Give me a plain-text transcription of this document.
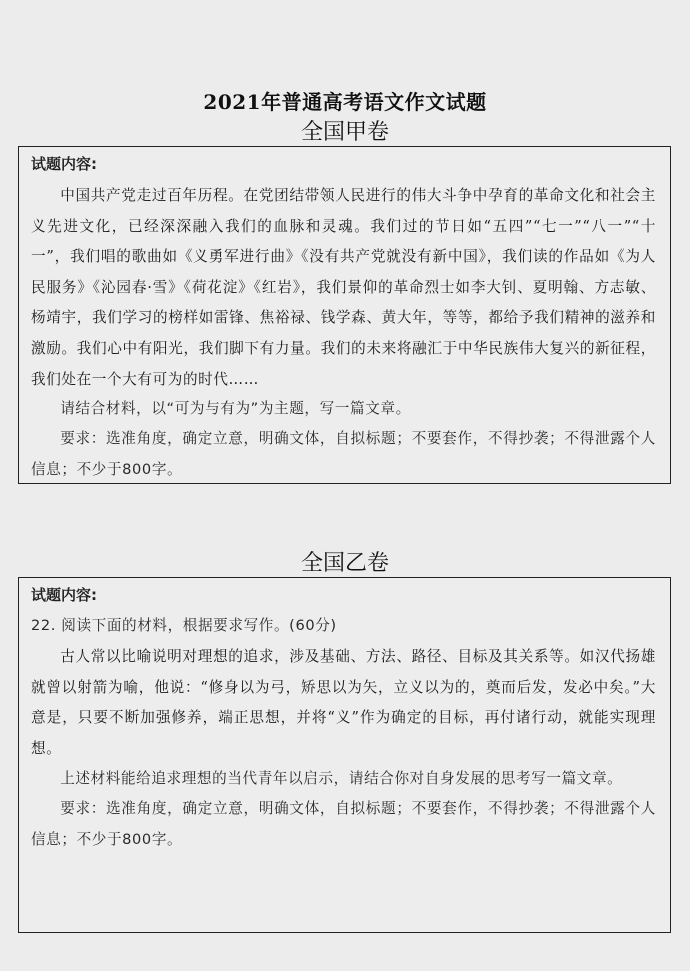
2021年普通高考语文作文试题
全国甲卷
试题内容:

中国共产党走过百年历程。在党团结带领人民进行的伟大斗争中孕育的革命文化和社会主义先进文化，已经深深融入我们的血脉和灵魂。我们过的节日如“五四”“七一”“八一”“十一”，我们唱的歌曲如《义勇军进行曲》《没有共产党就没有新中国》，我们读的作品如《为人民服务》《沁园春·雪》《荷花淀》《红岩》，我们景仰的革命烈士如李大钊、夏明翰、方志敏、杨靖宇，我们学习的榜样如雷锋、焦裕禄、钱学森、黄大年，等等，都给予我们精神的滋养和激励。我们心中有阳光，我们脚下有力量。我们的未来将融汇于中华民族伟大复兴的新征程，我们处在一个大有可为的时代……

请结合材料，以“可为与有为”为主题，写一篇文章。

要求：选准角度，确定立意，明确文体，自拟标题；不要套作，不得抄袭；不得泄露个人信息；不少于800字。

全国乙卷
试题内容:

22. 阅读下面的材料，根据要求写作。(60分)

古人常以比喻说明对理想的追求，涉及基础、方法、路径、目标及其关系等。如汉代扬雄就曾以射箭为喻，他说：“修身以为弓，矫思以为矢，立义以为的，奠而后发，发必中矣。”大意是，只要不断加强修养，端正思想，并将“义”作为确定的目标，再付诸行动，就能实现理想。

上述材料能给追求理想的当代青年以启示，请结合你对自身发展的思考写一篇文章。

要求：选准角度，确定立意，明确文体，自拟标题；不要套作，不得抄袭；不得泄露个人信息；不少于800字。
